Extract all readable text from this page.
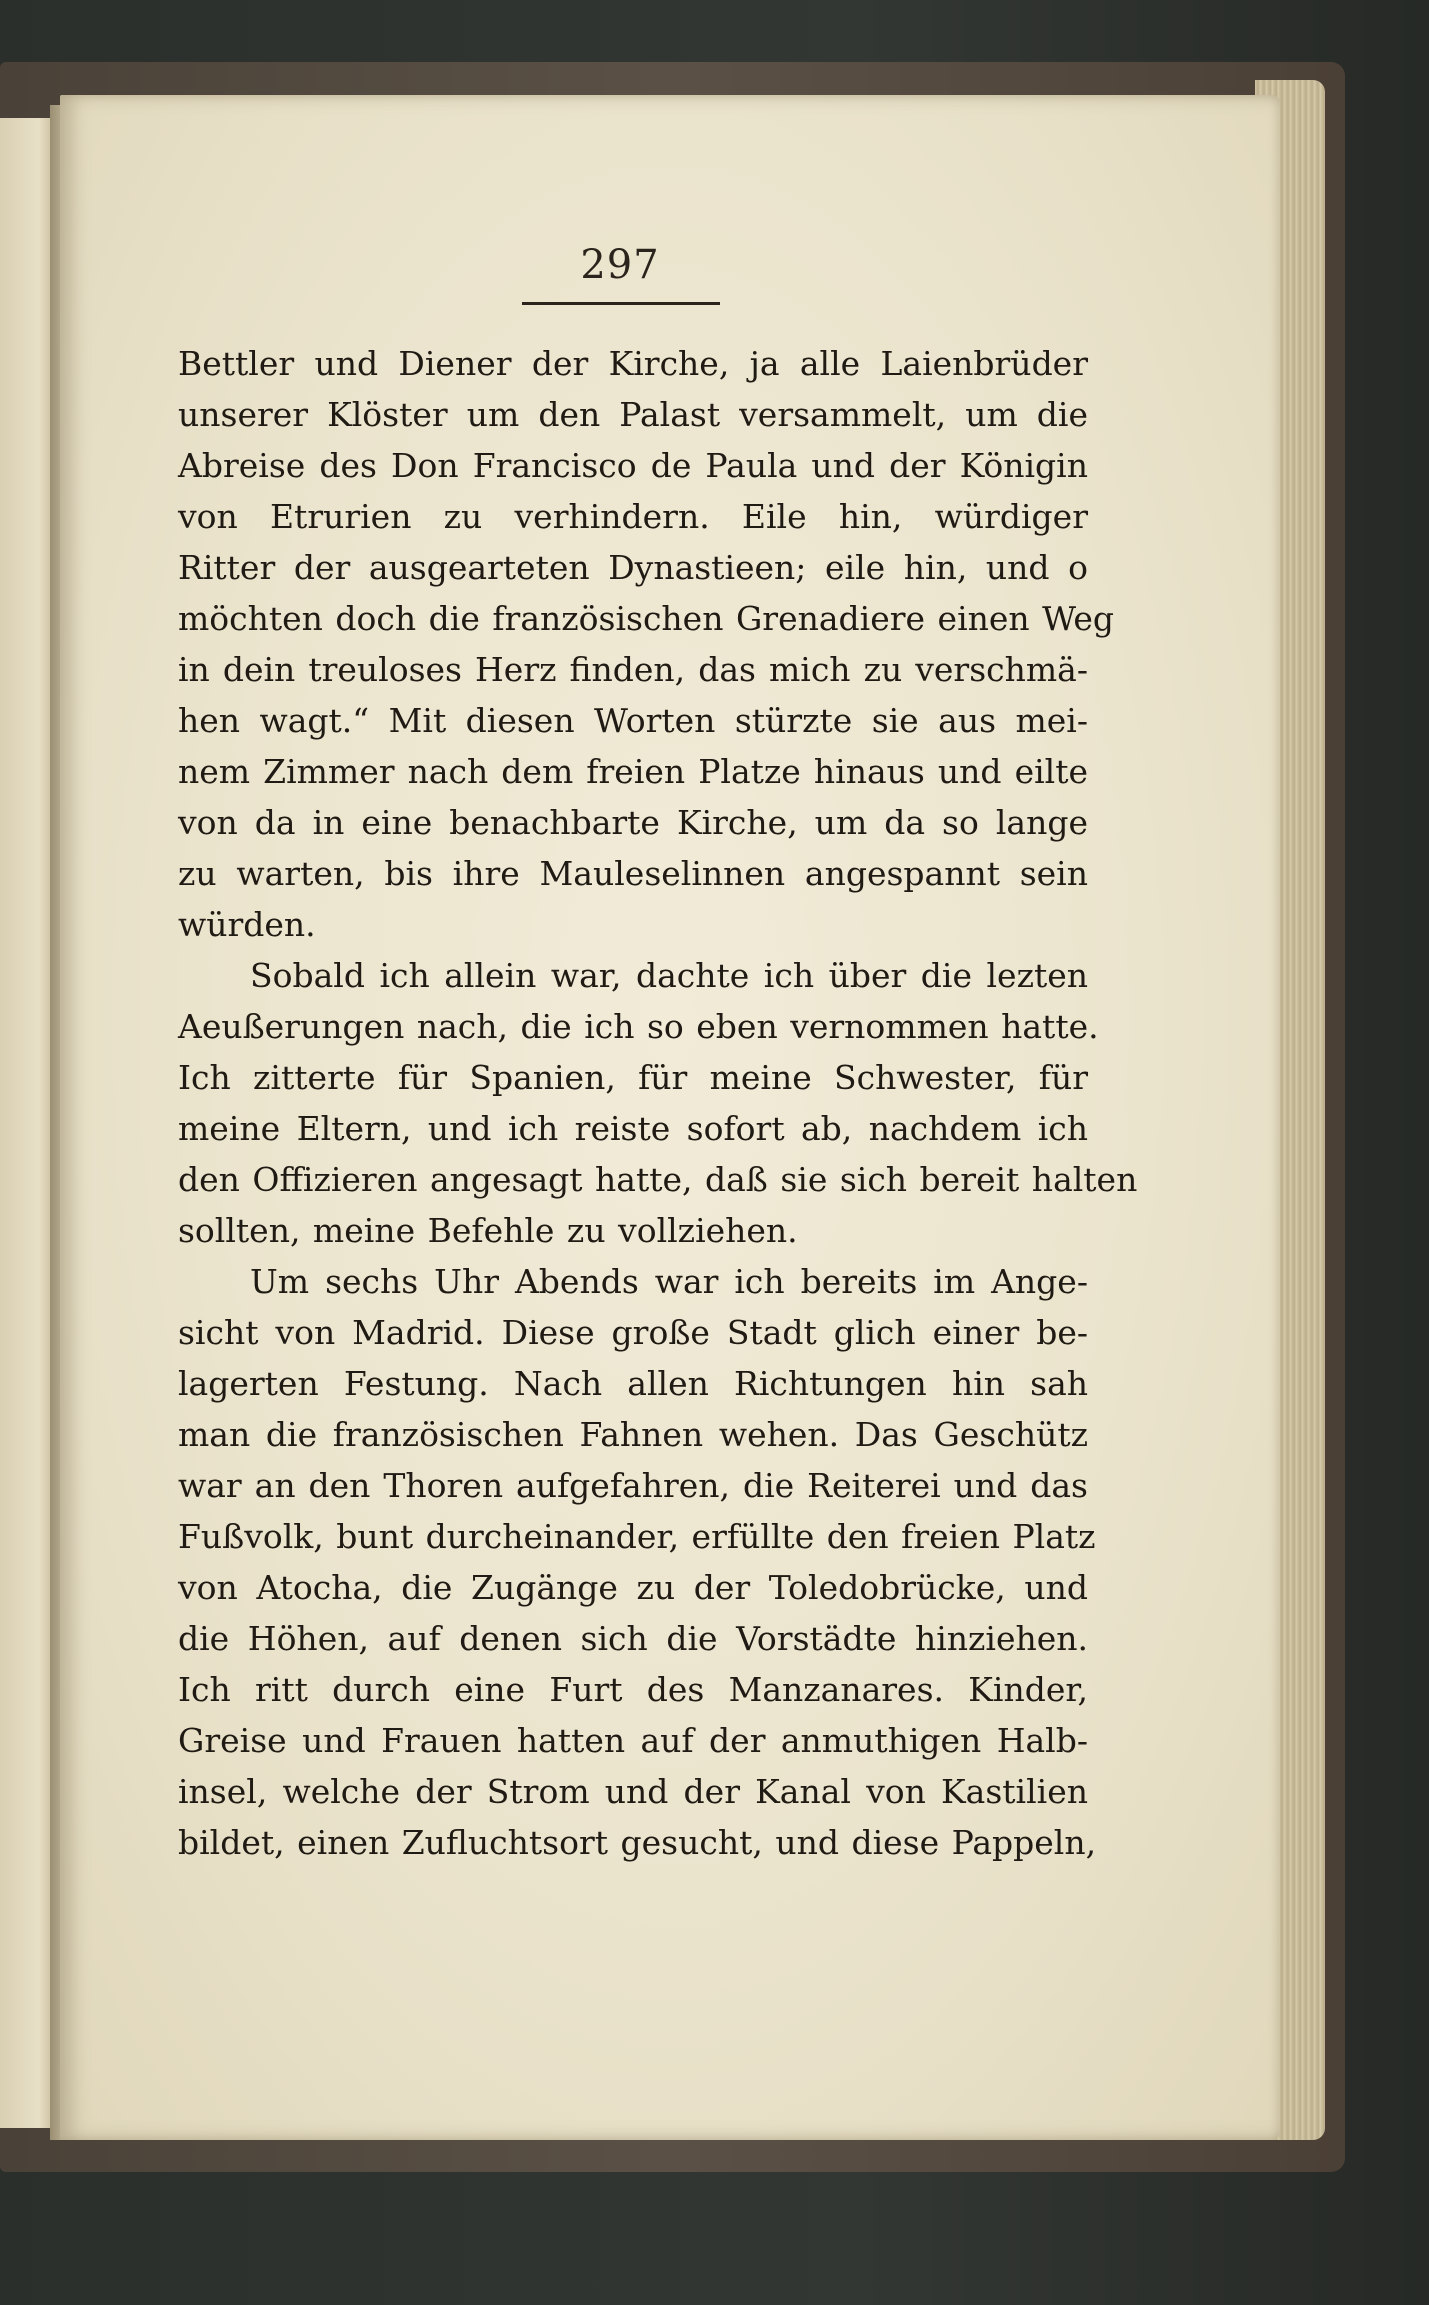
297
Bettler und Diener der Kirche, ja alle Laienbrüder
unserer Klöster um den Palast versammelt, um die
Abreise des Don Francisco de Paula und der Königin
von Etrurien zu verhindern. Eile hin, würdiger
Ritter der ausgearteten Dynastieen; eile hin, und o
möchten doch die französischen Grenadiere einen Weg
in dein treuloses Herz finden, das mich zu verschmä-
hen wagt.“ Mit diesen Worten stürzte sie aus mei-
nem Zimmer nach dem freien Platze hinaus und eilte
von da in eine benachbarte Kirche, um da so lange
zu warten, bis ihre Mauleselinnen angespannt sein
würden.
Sobald ich allein war, dachte ich über die lezten
Aeußerungen nach, die ich so eben vernommen hatte.
Ich zitterte für Spanien, für meine Schwester, für
meine Eltern, und ich reiste sofort ab, nachdem ich
den Offizieren angesagt hatte, daß sie sich bereit halten
sollten, meine Befehle zu vollziehen.
Um sechs Uhr Abends war ich bereits im Ange-
sicht von Madrid. Diese große Stadt glich einer be-
lagerten Festung. Nach allen Richtungen hin sah
man die französischen Fahnen wehen. Das Geschütz
war an den Thoren aufgefahren, die Reiterei und das
Fußvolk, bunt durcheinander, erfüllte den freien Platz
von Atocha, die Zugänge zu der Toledobrücke, und
die Höhen, auf denen sich die Vorstädte hinziehen.
Ich ritt durch eine Furt des Manzanares. Kinder,
Greise und Frauen hatten auf der anmuthigen Halb-
insel, welche der Strom und der Kanal von Kastilien
bildet, einen Zufluchtsort gesucht, und diese Pappeln,
